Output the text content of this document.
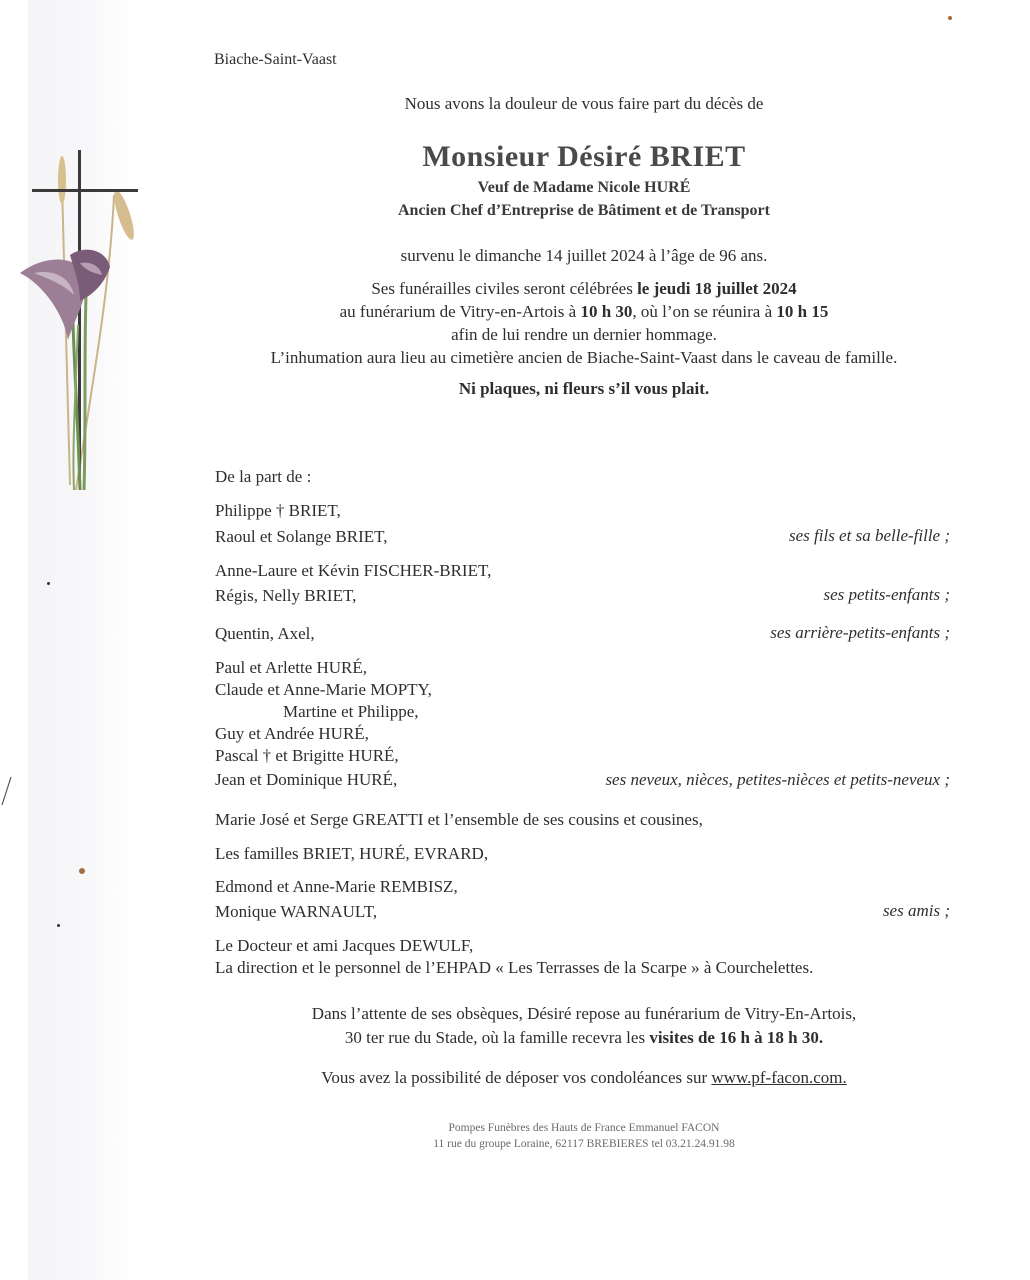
Biache-Saint-Vaast
Nous avons la douleur de vous faire part du décès de
Monsieur Désiré BRIET
Veuf de Madame Nicole HURÉ
Ancien Chef d’Entreprise de Bâtiment et de Transport
survenu le dimanche 14 juillet 2024 à l’âge de 96 ans.
Ses funérailles civiles seront célébrées le jeudi 18 juillet 2024
au funérarium de Vitry-en-Artois à 10 h 30, où l’on se réunira à 10 h 15
afin de lui rendre un dernier hommage.
L’inhumation aura lieu au cimetière ancien de Biache-Saint-Vaast dans le caveau de famille.
Ni plaques, ni fleurs s’il vous plait.
De la part de :
Philippe † BRIET,
Raoul et Solange BRIET,	ses fils et sa belle-fille ;
Anne-Laure et Kévin FISCHER-BRIET,
Régis, Nelly BRIET,	ses petits-enfants ;
Quentin, Axel,	ses arrière-petits-enfants ;
Paul et Arlette HURÉ,
Claude et Anne-Marie MOPTY,
Martine et Philippe,
Guy et Andrée HURÉ,
Pascal † et Brigitte HURÉ,
Jean et Dominique HURÉ,	ses neveux, nièces, petites-nièces et petits-neveux ;
Marie José et Serge GREATTI et l’ensemble de ses cousins et cousines,
Les familles BRIET, HURÉ, EVRARD,
Edmond et Anne-Marie REMBISZ,
Monique WARNAULT,	ses amis ;
Le Docteur et ami Jacques DEWULF,
La direction et le personnel de l’EHPAD « Les Terrasses de la Scarpe » à Courchelettes.
Dans l’attente de ses obsèques, Désiré repose au funérarium de Vitry-En-Artois,
30 ter rue du Stade, où la famille recevra les visites de 16 h à 18 h 30.
Vous avez la possibilité de déposer vos condoléances sur www.pf-facon.com.
Pompes Funèbres des Hauts de France Emmanuel FACON
11 rue du groupe Loraine, 62117 BREBIERES tel 03.21.24.91.98
